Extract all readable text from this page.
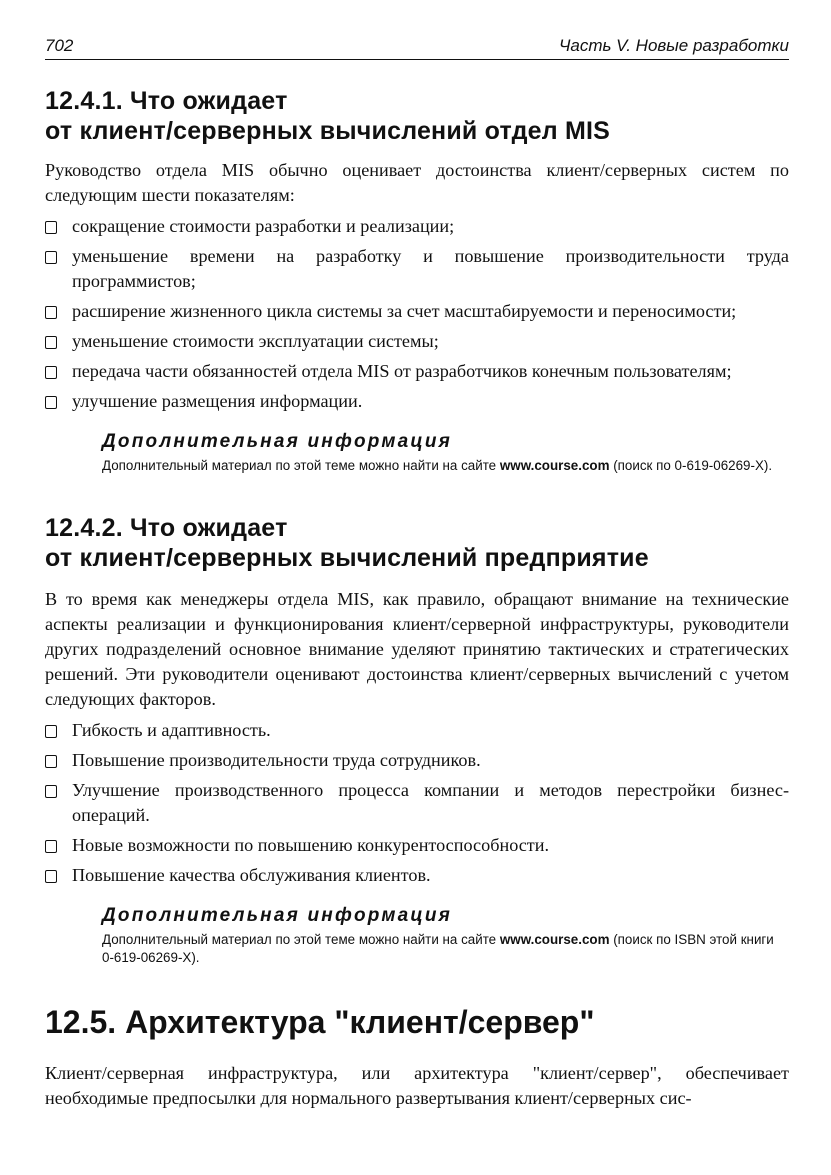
702	Часть V. Новые разработки
12.4.1. Что ожидает
от клиент/серверных вычислений отдел MIS

Руководство отдела MIS обычно оценивает достоинства клиент/серверных систем по следующим шести показателям:

сокращение стоимости разработки и реализации;
уменьшение времени на разработку и повышение производительности труда программистов;
расширение жизненного цикла системы за счет масштабируемости и переносимости;
уменьшение стоимости эксплуатации системы;
передача части обязанностей отдела MIS от разработчиков конечным пользователям;
улучшение размещения информации.

Дополнительная информация

Дополнительный материал по этой теме можно найти на сайте www.course.com (поиск по 0-619-06269-X).

12.4.2. Что ожидает
от клиент/серверных вычислений предприятие

В то время как менеджеры отдела MIS, как правило, обращают внимание на технические аспекты реализации и функционирования клиент/серверной инфраструктуры, руководители других подразделений основное внимание уделяют принятию тактических и стратегических решений. Эти руководители оценивают достоинства клиент/серверных вычислений с учетом следующих факторов.

Гибкость и адаптивность.
Повышение производительности труда сотрудников.
Улучшение производственного процесса компании и методов перестройки бизнес-операций.
Новые возможности по повышению конкурентоспособности.
Повышение качества обслуживания клиентов.

Дополнительная информация

Дополнительный материал по этой теме можно найти на сайте www.course.com (поиск по ISBN этой книги 0-619-06269-X).

12.5. Архитектура "клиент/сервер"

Клиент/серверная инфраструктура, или архитектура "клиент/сервер", обеспечивает необходимые предпосылки для нормального развертывания клиент/серверных сис-
